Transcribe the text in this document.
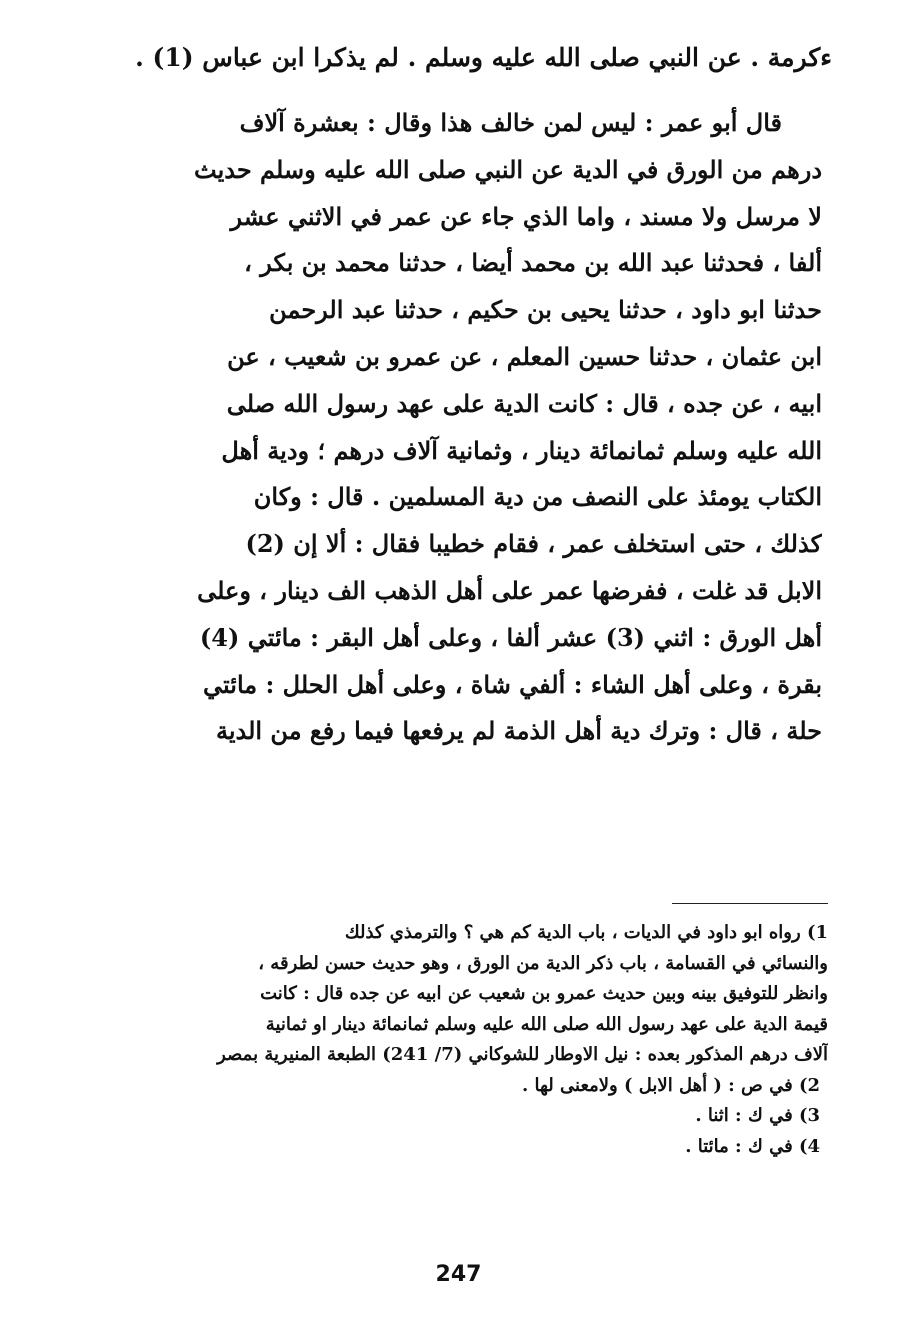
ءكرمة . عن النبي صلى الله عليه وسلم . لم يذكرا ابن عباس (1) .
قال أبو عمر : ليس لمن خالف هذا وقال : بعشرة آلاف
درهم من الورق في الدية عن النبي صلى الله عليه وسلم حديث
لا مرسل ولا مسند ، واما الذي جاء عن عمر في الاثني عشر
ألفا ، فحدثنا عبد الله بن محمد أيضا ، حدثنا محمد بن بكر ،
حدثنا ابو داود ، حدثنا يحيى بن حكيم ، حدثنا عبد الرحمن
ابن عثمان ، حدثنا حسين المعلم ، عن عمرو بن شعيب ، عن
ابيه ، عن جده ، قال : كانت الدية على عهد رسول الله صلى
الله عليه وسلم ثمانمائة دينار ، وثمانية آلاف درهم ؛ ودية أهل
الكتاب يومئذ على النصف من دية المسلمين . قال : وكان
كذلك ، حتى استخلف عمر ، فقام خطيبا فقال : ألا إن (2)
الابل قد غلت ، ففرضها عمر على أهل الذهب الف دينار ، وعلى
أهل الورق : اثني (3) عشر ألفا ، وعلى أهل البقر : مائتي (4)
بقرة ، وعلى أهل الشاء : ألفي شاة ، وعلى أهل الحلل : مائتي
حلة ، قال : وترك دية أهل الذمة لم يرفعها فيما رفع من الدية
1) رواه ابو داود في الديات ، باب الدية كم هي ؟ والترمذي كذلك
والنسائي في القسامة ، باب ذكر الدية من الورق ، وهو حديث حسن لطرقه ،
وانظر للتوفيق بينه وبين حديث عمرو بن شعيب عن ابيه عن جده قال : كانت
قيمة الدية على عهد رسول الله صلى الله عليه وسلم ثمانمائة دينار او ثمانية
آلاف درهم المذكور بعده : نيل الاوطار للشوكاني (7/ 241) الطبعة المنيرية بمصر
2) في ص : ( أهل الابل ) ولامعنى لها .
3) في ك : اثنا .
4) في ك : مائتا .
247
